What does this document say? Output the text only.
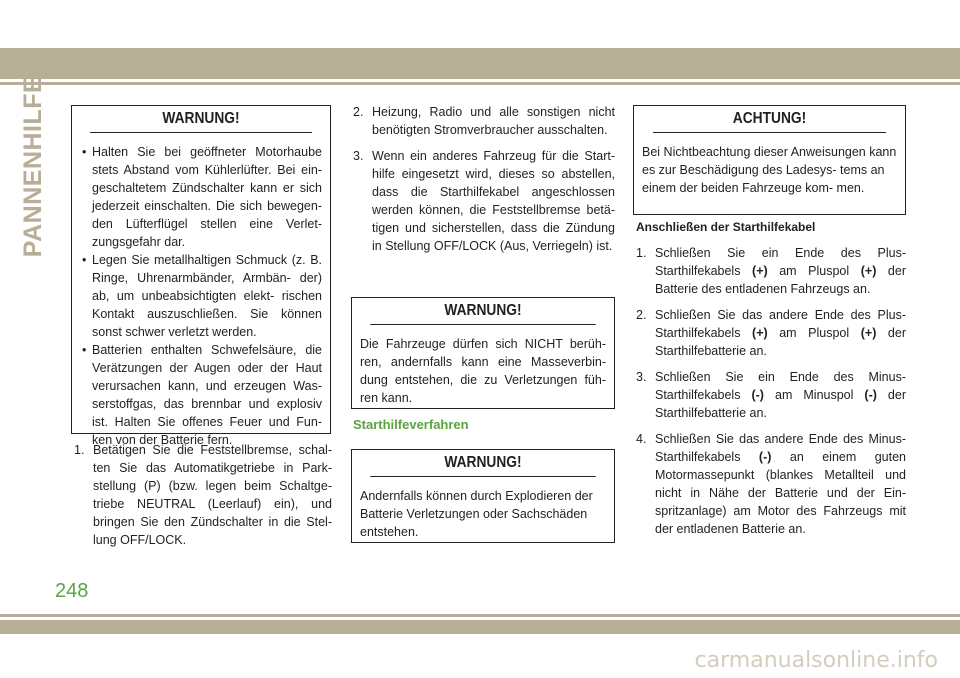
PANNENHILFE	WARNUNG!
• Halten Sie bei geöffneter Motorhaube stets Abstand vom Kühlerlüfter. Bei ein- geschaltetem Zündschalter kann er sich jederzeit einschalten. Die sich bewegen- den Lüfterflügel stellen eine Verlet- zungsgefahr dar.
• Legen Sie metallhaltigen Schmuck (z. B. Ringe, Uhrenarmbänder, Armbän- der) ab, um unbeabsichtigten elekt- rischen Kontakt auszuschließen. Sie können sonst schwer verletzt werden.
• Batterien enthalten Schwefelsäure, die Verätzungen der Augen oder der Haut verursachen kann, und erzeugen Was- serstoffgas, das brennbar und explosiv ist. Halten Sie offenes Feuer und Fun- ken von der Batterie fern.
1. Betätigen Sie die Feststellbremse, schal- ten Sie das Automatikgetriebe in Park- stellung (P) (bzw. legen beim Schaltge- triebe NEUTRAL (Leerlauf) ein), und bringen Sie den Zündschalter in die Stel- lung OFF/LOCK.
2. Heizung, Radio und alle sonstigen nicht benötigten Stromverbraucher ausschalten.
3. Wenn ein anderes Fahrzeug für die Start- hilfe eingesetzt wird, dieses so abstellen, dass die Starthilfekabel angeschlossen werden können, die Feststellbremse betä- tigen und sicherstellen, dass die Zündung in Stellung OFF/LOCK (Aus, Verriegeln) ist.
WARNUNG!
Die Fahrzeuge dürfen sich NICHT berüh- ren, andernfalls kann eine Masseverbin- dung entstehen, die zu Verletzungen füh- ren kann.
Starthilfeverfahren
WARNUNG!
Andernfalls können durch Explodieren der Batterie Verletzungen oder Sachschäden entstehen.
ACHTUNG!
Bei Nichtbeachtung dieser Anweisungen kann es zur Beschädigung des Ladesys- tems an einem der beiden Fahrzeuge kom- men.
Anschließen der Starthilfekabel
1. Schließen Sie ein Ende des Plus- Starthilfekabels (+) am Pluspol (+) der Batterie des entladenen Fahrzeugs an.
2. Schließen Sie das andere Ende des Plus- Starthilfekabels (+) am Pluspol (+) der Starthilfebatterie an.
3. Schließen Sie ein Ende des Minus- Starthilfekabels (-) am Minuspol (-) der Starthilfebatterie an.
4. Schließen Sie das andere Ende des Minus-Starthilfekabels (-) an einem guten Motormassepunkt (blankes Metallteil und nicht in Nähe der Batterie und der Ein- spritzanlage) am Motor des Fahrzeugs mit der entladenen Batterie an.
248
carmanualsonline.info
